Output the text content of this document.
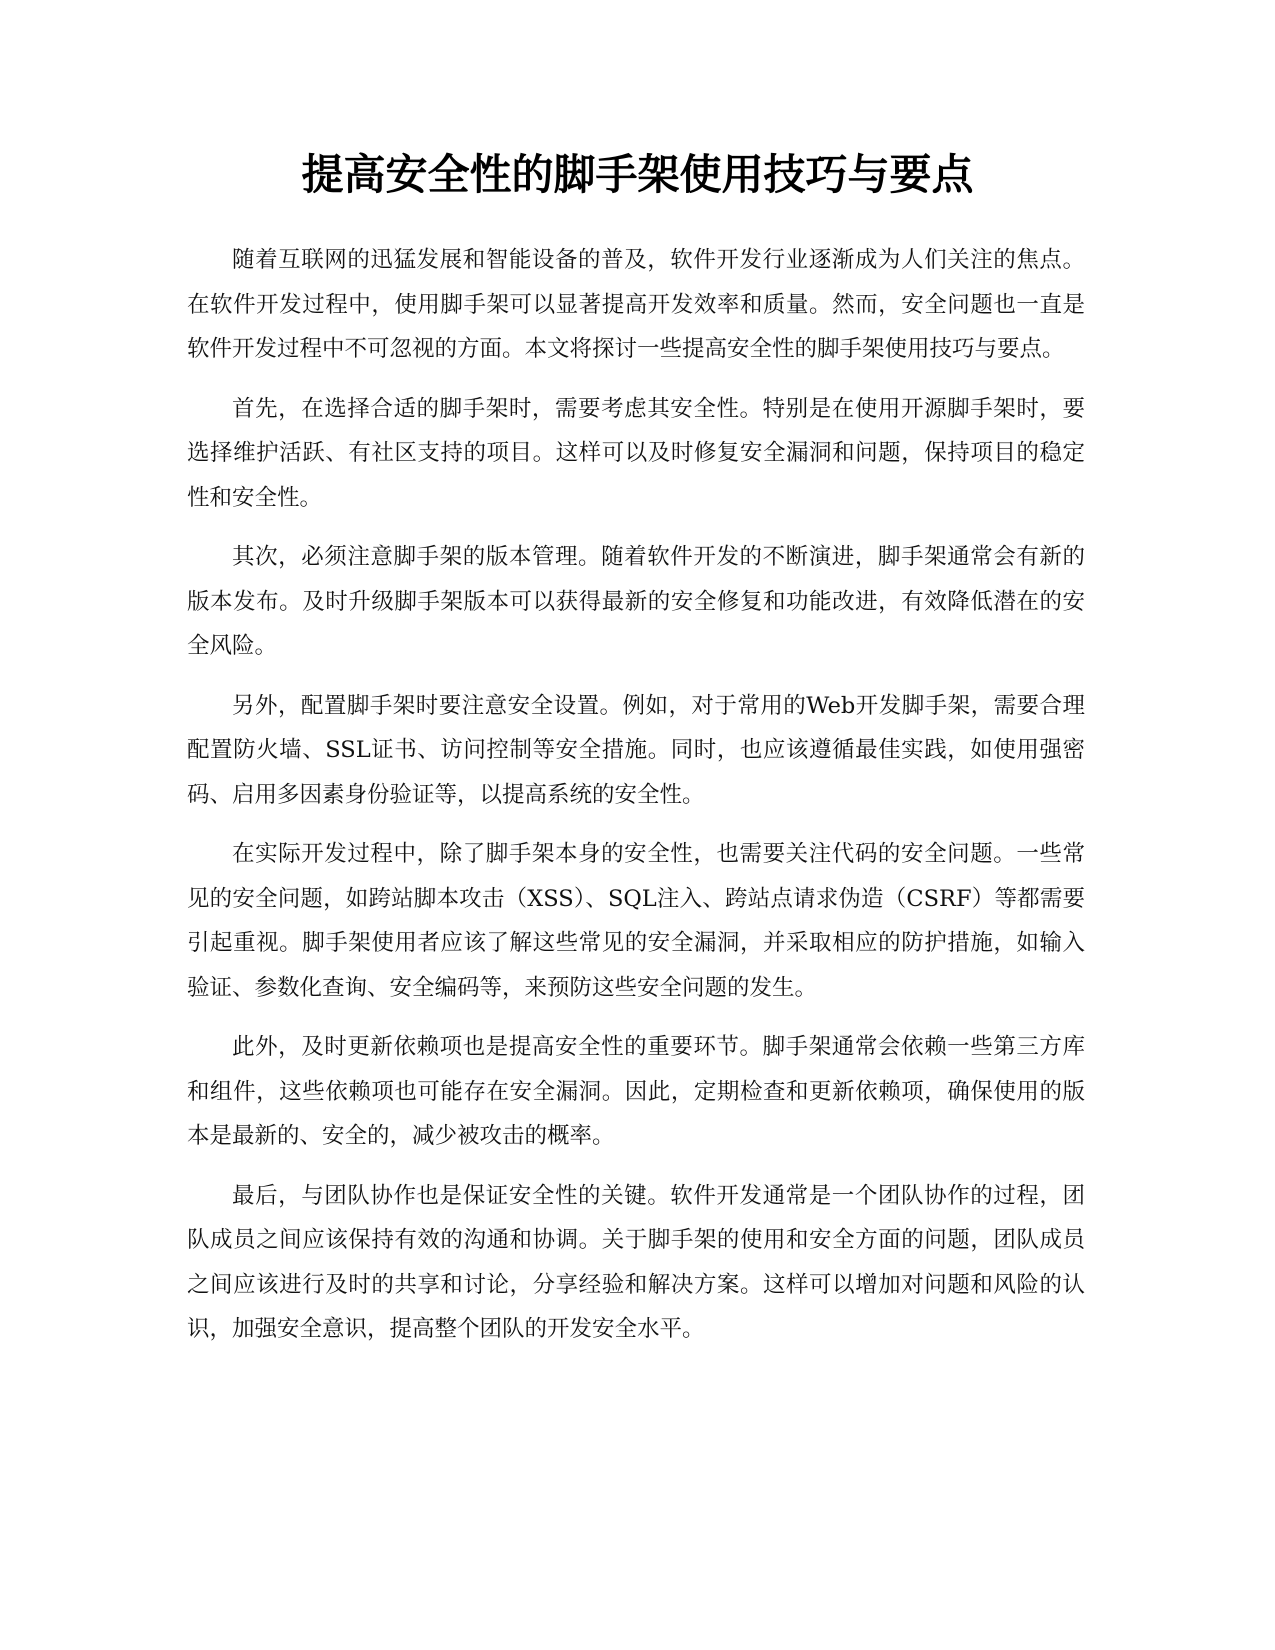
提高安全性的脚手架使用技巧与要点

随着互联网的迅猛发展和智能设备的普及，软件开发行业逐渐成为人们关注的焦点。在软件开发过程中，使用脚手架可以显著提高开发效率和质量。然而，安全问题也一直是软件开发过程中不可忽视的方面。本文将探讨一些提高安全性的脚手架使用技巧与要点。

首先，在选择合适的脚手架时，需要考虑其安全性。特别是在使用开源脚手架时，要选择维护活跃、有社区支持的项目。这样可以及时修复安全漏洞和问题，保持项目的稳定性和安全性。

其次，必须注意脚手架的版本管理。随着软件开发的不断演进，脚手架通常会有新的版本发布。及时升级脚手架版本可以获得最新的安全修复和功能改进，有效降低潜在的安全风险。

另外，配置脚手架时要注意安全设置。例如，对于常用的Web开发脚手架，需要合理配置防火墙、SSL证书、访问控制等安全措施。同时，也应该遵循最佳实践，如使用强密码、启用多因素身份验证等，以提高系统的安全性。

在实际开发过程中，除了脚手架本身的安全性，也需要关注代码的安全问题。一些常见的安全问题，如跨站脚本攻击（XSS）、SQL注入、跨站点请求伪造（CSRF）等都需要引起重视。脚手架使用者应该了解这些常见的安全漏洞，并采取相应的防护措施，如输入验证、参数化查询、安全编码等，来预防这些安全问题的发生。

此外，及时更新依赖项也是提高安全性的重要环节。脚手架通常会依赖一些第三方库和组件，这些依赖项也可能存在安全漏洞。因此，定期检查和更新依赖项，确保使用的版本是最新的、安全的，减少被攻击的概率。

最后，与团队协作也是保证安全性的关键。软件开发通常是一个团队协作的过程，团队成员之间应该保持有效的沟通和协调。关于脚手架的使用和安全方面的问题，团队成员之间应该进行及时的共享和讨论，分享经验和解决方案。这样可以增加对问题和风险的认识，加强安全意识，提高整个团队的开发安全水平。
